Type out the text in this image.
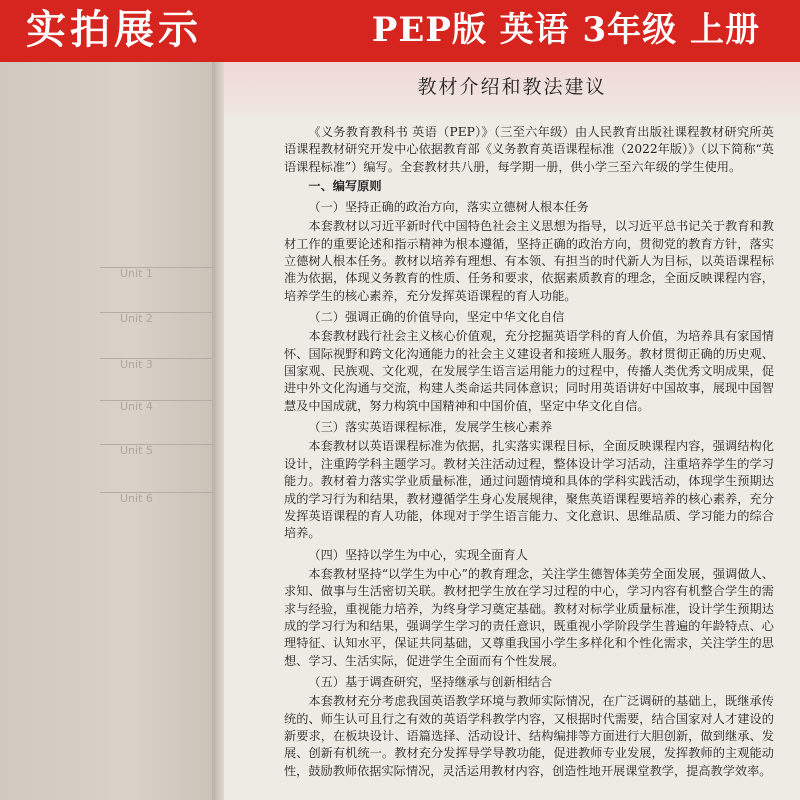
实拍展示	PEP版 英语 3年级 上册
Unit 1
Unit 2
Unit 3
Unit 4
Unit 5
Unit 6
教材介绍和教法建议

《义务教育教科书 英语（PEP）》（三至六年级）由人民教育出版社课程教材研究所英语课程教材研究开发中心依据教育部《义务教育英语课程标准（2022年版）》（以下简称“英语课程标准”）编写。全套教材共八册，每学期一册，供小学三至六年级的学生使用。

一、编写原则
（一）坚持正确的政治方向，落实立德树人根本任务

本套教材以习近平新时代中国特色社会主义思想为指导，以习近平总书记关于教育和教材工作的重要论述和指示精神为根本遵循，坚持正确的政治方向，贯彻党的教育方针，落实立德树人根本任务。教材以培养有理想、有本领、有担当的时代新人为目标，以英语课程标准为依据，体现义务教育的性质、任务和要求，依据素质教育的理念，全面反映课程内容，培养学生的核心素养，充分发挥英语课程的育人功能。

（二）强调正确的价值导向，坚定中华文化自信

本套教材践行社会主义核心价值观，充分挖掘英语学科的育人价值，为培养具有家国情怀、国际视野和跨文化沟通能力的社会主义建设者和接班人服务。教材贯彻正确的历史观、国家观、民族观、文化观，在发展学生语言运用能力的过程中，传播人类优秀文明成果，促进中外文化沟通与交流，构建人类命运共同体意识；同时用英语讲好中国故事，展现中国智慧及中国成就，努力构筑中国精神和中国价值，坚定中华文化自信。

（三）落实英语课程标准，发展学生核心素养

本套教材以英语课程标准为依据，扎实落实课程目标，全面反映课程内容，强调结构化设计，注重跨学科主题学习。教材关注活动过程，整体设计学习活动，注重培养学生的学习能力。教材着力落实学业质量标准，通过问题情境和具体的学科实践活动，体现学生预期达成的学习行为和结果，教材遵循学生身心发展规律，聚焦英语课程要培养的核心素养，充分发挥英语课程的育人功能，体现对于学生语言能力、文化意识、思维品质、学习能力的综合培养。

（四）坚持以学生为中心，实现全面育人

本套教材坚持“以学生为中心”的教育理念，关注学生德智体美劳全面发展，强调做人、求知、做事与生活密切关联。教材把学生放在学习过程的中心，学习内容有机整合学生的需求与经验，重视能力培养，为终身学习奠定基础。教材对标学业质量标准，设计学生预期达成的学习行为和结果，强调学生学习的责任意识，既重视小学阶段学生普遍的年龄特点、心理特征、认知水平，保证共同基础，又尊重我国小学生多样化和个性化需求，关注学生的思想、学习、生活实际，促进学生全面而有个性发展。

（五）基于调查研究，坚持继承与创新相结合

本套教材充分考虑我国英语教学环境与教师实际情况，在广泛调研的基础上，既继承传统的、师生认可且行之有效的英语学科教学内容，又根据时代需要，结合国家对人才建设的新要求，在板块设计、语篇选择、活动设计、结构编排等方面进行大胆创新，做到继承、发展、创新有机统一。教材充分发挥导学导教功能，促进教师专业发展，发挥教师的主观能动性，鼓励教师依据实际情况，灵活运用教材内容，创造性地开展课堂教学，提高教学效率。
